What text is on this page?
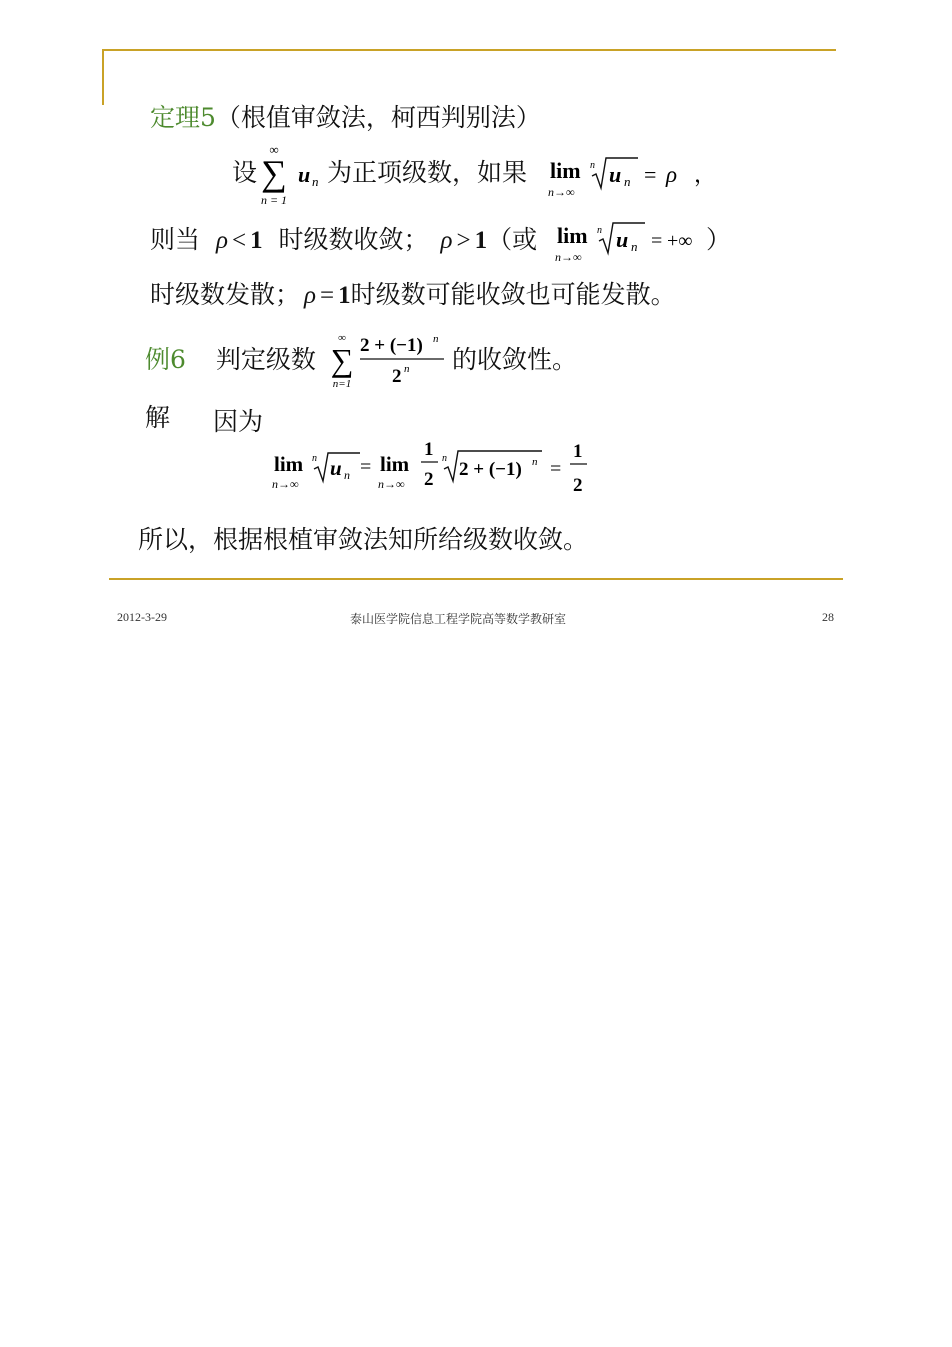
定理5（根值审敛法，柯西判别法）
设
∞
∑
n = 1
u n 为正项级数，如果 lim
n→∞
n u n = ρ ，
则当 ρ < 1 时级数收敛； ρ > 1（或 lim
n→∞
n u n = +∞ ）
时级数发散； ρ = 1时级数可能收敛也可能发散。
例6 判定级数
∞
∑
n=1
2 + (−1) n
2 n 的收敛性。
解 因为
lim
n→∞
n u n = lim
n→∞
1
2
n
2 + (−1) n =
1
2
所以，根据根植审敛法知所给级数收敛。
2012-3-29	泰山医学院信息工程学院高等数学教研室	28
